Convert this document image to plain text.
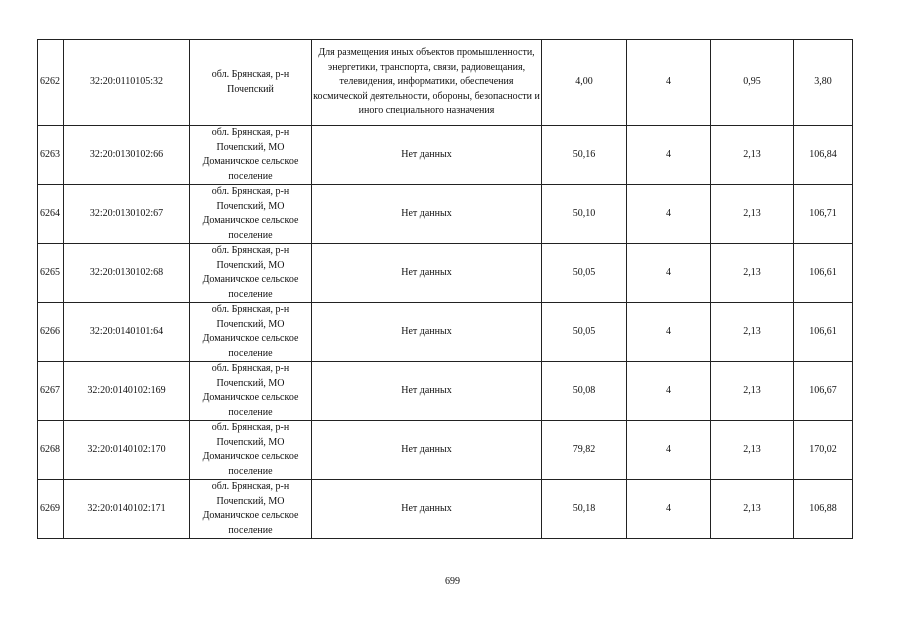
6262	32:20:0110105:32	обл. Брянская, р-н Почепский	Для размещения иных объектов промышленности, энергетики, транспорта, связи, радиовещания, телевидения, информатики, обеспечения космической деятельности, обороны, безопасности и иного специального назначения	4,00	4	0,95	3,80
6263	32:20:0130102:66	обл. Брянская, р-н Почепский, МО Доманичское сельское поселение	Нет данных	50,16	4	2,13	106,84
6264	32:20:0130102:67	обл. Брянская, р-н Почепский, МО Доманичское сельское поселение	Нет данных	50,10	4	2,13	106,71
6265	32:20:0130102:68	обл. Брянская, р-н Почепский, МО Доманичское сельское поселение	Нет данных	50,05	4	2,13	106,61
6266	32:20:0140101:64	обл. Брянская, р-н Почепский, МО Доманичское сельское поселение	Нет данных	50,05	4	2,13	106,61
6267	32:20:0140102:169	обл. Брянская, р-н Почепский, МО Доманичское сельское поселение	Нет данных	50,08	4	2,13	106,67
6268	32:20:0140102:170	обл. Брянская, р-н Почепский, МО Доманичское сельское поселение	Нет данных	79,82	4	2,13	170,02
6269	32:20:0140102:171	обл. Брянская, р-н Почепский, МО Доманичское сельское поселение	Нет данных	50,18	4	2,13	106,88
699
